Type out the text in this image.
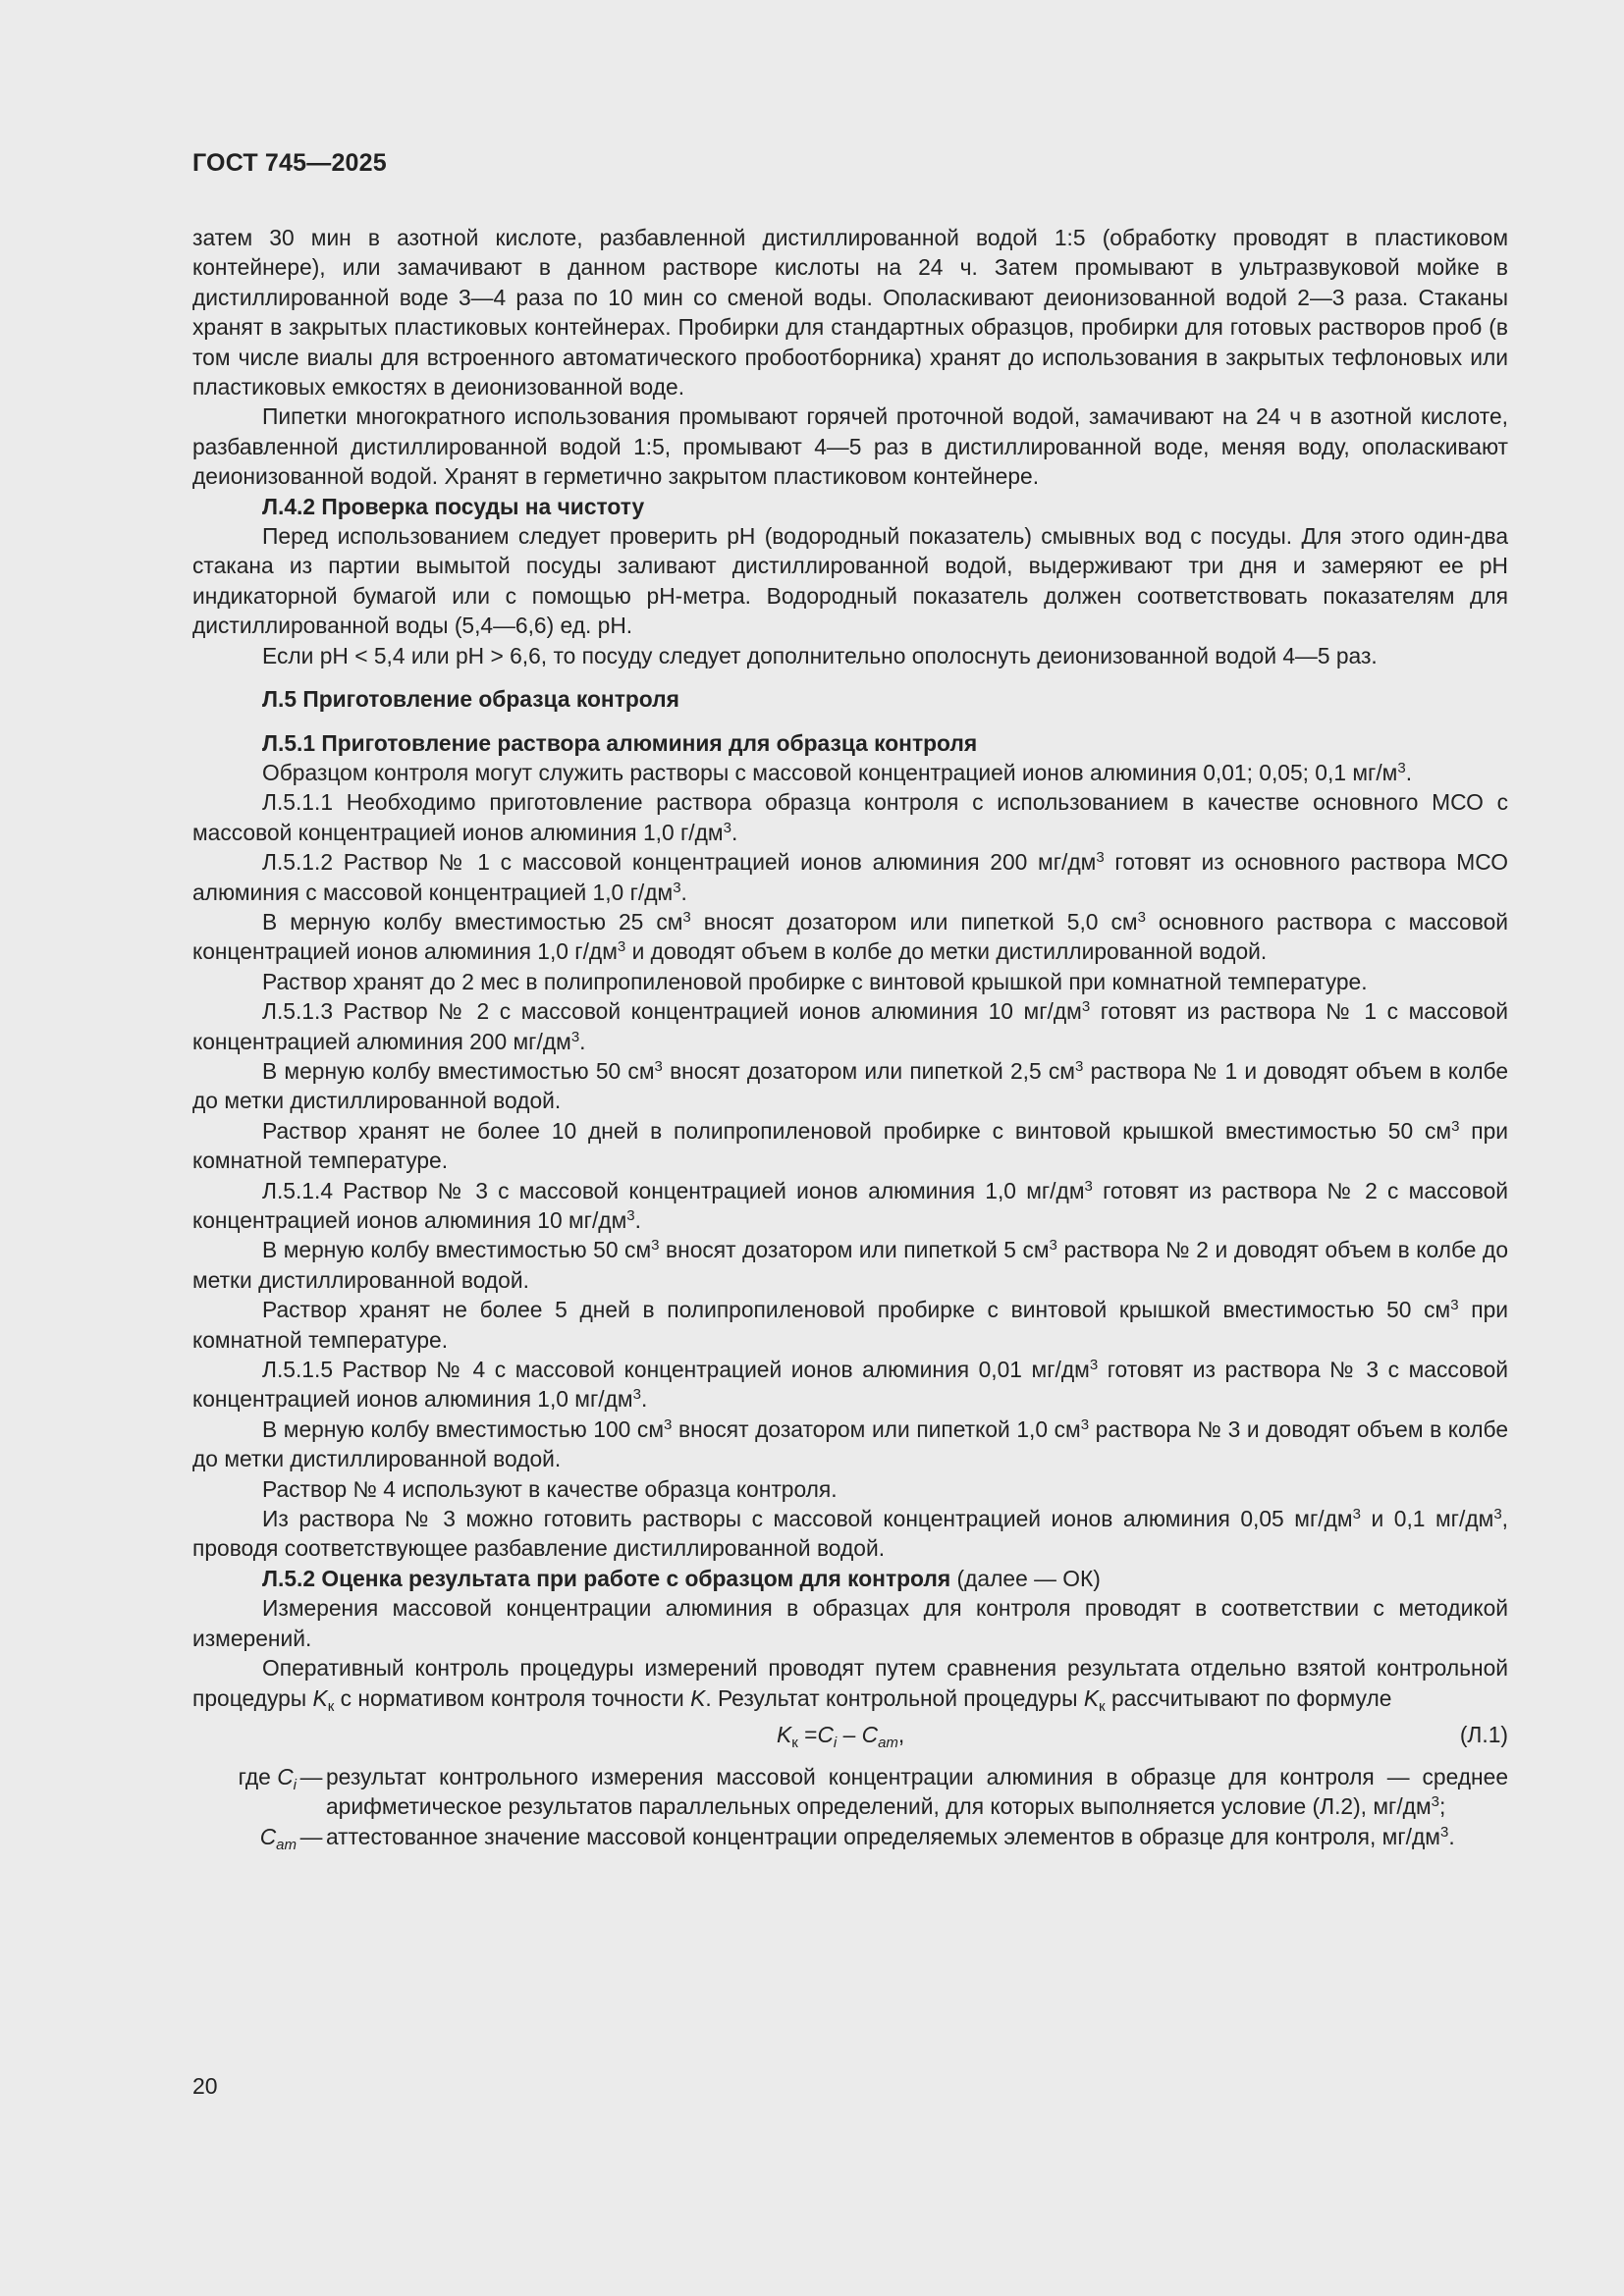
ГОСТ 745—2025

затем 30 мин в азотной кислоте, разбавленной дистиллированной водой 1:5 (обработку проводят в пластиковом контейнере), или замачивают в данном растворе кислоты на 24 ч. Затем промывают в ультразвуковой мойке в дистиллированной воде 3—4 раза по 10 мин со сменой воды. Ополаскивают деионизованной водой 2—3 раза. Стаканы хранят в закрытых пластиковых контейнерах. Пробирки для стандартных образцов, пробирки для готовых растворов проб (в том числе виалы для встроенного автоматического пробоотборника) хранят до использования в закрытых тефлоновых или пластиковых емкостях в деионизованной воде.

Пипетки многократного использования промывают горячей проточной водой, замачивают на 24 ч в азотной кислоте, разбавленной дистиллированной водой 1:5, промывают 4—5 раз в дистиллированной воде, меняя воду, ополаскивают деионизованной водой. Хранят в герметично закрытом пластиковом контейнере.

Л.4.2 Проверка посуды на чистоту

Перед использованием следует проверить pH (водородный показатель) смывных вод с посуды. Для этого один-два стакана из партии вымытой посуды заливают дистиллированной водой, выдерживают три дня и замеряют ее pH индикаторной бумагой или с помощью pH-метра. Водородный показатель должен соответствовать показателям для дистиллированной воды (5,4—6,6) ед. pH.

Если pH < 5,4 или pH > 6,6, то посуду следует дополнительно ополоснуть деионизованной водой 4—5 раз.

Л.5 Приготовление образца контроля
Л.5.1 Приготовление раствора алюминия для образца контроля

Образцом контроля могут служить растворы с массовой концентрацией ионов алюминия 0,01; 0,05; 0,1 $мг/м^3$.

Л.5.1.1 Необходимо приготовление раствора образца контроля с использованием в качестве основного МСО с массовой концентрацией ионов алюминия 1,0 $г/дм^3$.

Л.5.1.2 Раствор № 1 с массовой концентрацией ионов алюминия 200 $мг/дм^3$ готовят из основного раствора МСО алюминия с массовой концентрацией 1,0 $г/дм^3$.

В мерную колбу вместимостью 25 $см^3$ вносят дозатором или пипеткой 5,0 $см^3$ основного раствора с массовой концентрацией ионов алюминия 1,0 $г/дм^3$ и доводят объем в колбе до метки дистиллированной водой.

Раствор хранят до 2 мес в полипропиленовой пробирке с винтовой крышкой при комнатной температуре.

Л.5.1.3 Раствор № 2 с массовой концентрацией ионов алюминия 10 $мг/дм^3$ готовят из раствора № 1 с массовой концентрацией алюминия 200 $мг/дм^3$.

В мерную колбу вместимостью 50 $см^3$ вносят дозатором или пипеткой 2,5 $см^3$ раствора № 1 и доводят объем в колбе до метки дистиллированной водой.

Раствор хранят не более 10 дней в полипропиленовой пробирке с винтовой крышкой вместимостью 50 $см^3$ при комнатной температуре.

Л.5.1.4 Раствор № 3 с массовой концентрацией ионов алюминия 1,0 $мг/дм^3$ готовят из раствора № 2 с массовой концентрацией ионов алюминия 10 $мг/дм^3$.

В мерную колбу вместимостью 50 $см^3$ вносят дозатором или пипеткой 5 $см^3$ раствора № 2 и доводят объем в колбе до метки дистиллированной водой.

Раствор хранят не более 5 дней в полипропиленовой пробирке с винтовой крышкой вместимостью 50 $см^3$ при комнатной температуре.

Л.5.1.5 Раствор № 4 с массовой концентрацией ионов алюминия 0,01 $мг/дм^3$ готовят из раствора № 3 с массовой концентрацией ионов алюминия 1,0 $мг/дм^3$.

В мерную колбу вместимостью 100 $см^3$ вносят дозатором или пипеткой 1,0 $см^3$ раствора № 3 и доводят объем в колбе до метки дистиллированной водой.

Раствор № 4 используют в качестве образца контроля.

Из раствора № 3 можно готовить растворы с массовой концентрацией ионов алюминия 0,05 $мг/дм^3$ и 0,1 $мг/дм^3$, проводя соответствующее разбавление дистиллированной водой.

Л.5.2 Оценка результата при работе с образцом для контроля (далее — ОК)

Измерения массовой концентрации алюминия в образцах для контроля проводят в соответствии с методикой измерений.

Оперативный контроль процедуры измерений проводят путем сравнения результата отдельно взятой контрольной процедуры $K_к$ с нормативом контроля точности K. Результат контрольной процедуры $K_к$ рассчитывают по формуле

$K_к =C_i - C_{am}$,	(Л.1)
где $C_i$ — результат контрольного измерения массовой концентрации алюминия в образце для контроля — среднее арифметическое результатов параллельных определений, для которых выполняется условие (Л.2), $мг/дм^3$;
$C_{am}$ — аттестованное значение массовой концентрации определяемых элементов в образце для контроля, $мг/дм^3$.
20
